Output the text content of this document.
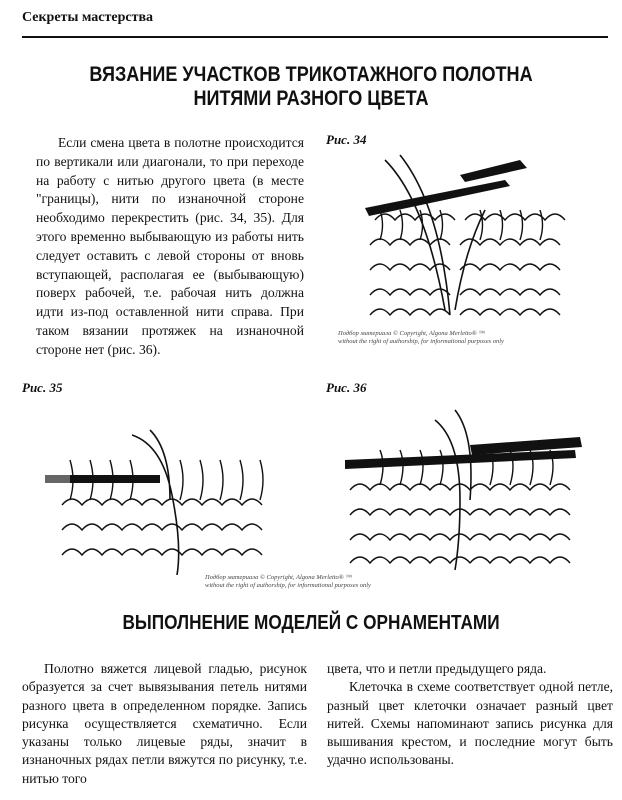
Секреты мастерства
ВЯЗАНИЕ УЧАСТКОВ ТРИКОТАЖНОГО ПОЛОТНА
НИТЯМИ РАЗНОГО ЦВЕТА
Если смена цвета в полотне происходится по вертикали или диагонали, то при переходе на работу с нитью другого цвета (в месте "границы), нити по изнаночной стороне необходимо перекрестить (рис. 34, 35). Для этого временно выбывающую из работы нить следует оставить с левой стороны от вновь вступающей, располагая ее (выбывающую) поверх рабочей, т.е. рабочая нить должна идти из-под оставленной нити справа. При таком вязании протяжек на изнаночной стороне нет (рис. 36).
Рис. 34
Подбор материала © Copyright, Algona Merlettо® ™
without the right of authorship, for informational purposes only
Рис. 35
Подбор материала © Copyright, Algona Merlettо® ™
without the right of authorship, for informational purposes only
Рис. 36
ВЫПОЛНЕНИЕ МОДЕЛЕЙ С ОРНАМЕНТАМИ
Полотно вяжется лицевой гладью, рисунок образуется за счет вывязывания петель нитями разного цвета в определенном порядке. Запись рисунка осуществляется схематично. Если указаны только лицевые ряды, значит в изнаночных рядах петли вяжутся по рисунку, т.е. нитью того
цвета, что и петли предыдущего ряда.
Клеточка в схеме соответствует одной петле, разный цвет клеточки означает разный цвет нитей. Схемы напоминают запись рисунка для вышивания крестом, и последние могут быть удачно использованы.
